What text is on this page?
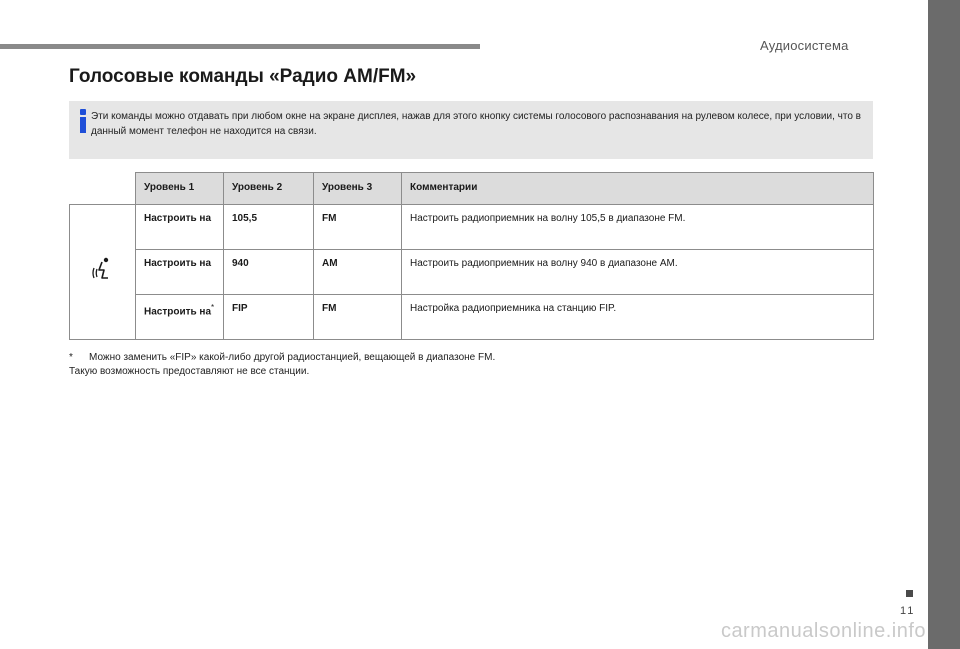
Аудиосистема
Голосовые команды «Радио AM/FM»
Эти команды можно отдавать при любом окне на экране дисплея, нажав для этого кнопку системы голосового распознавания на рулевом колесе, при условии, что в данный момент телефон не находится на связи.
	Уровень 1	Уровень 2	Уровень 3	Комментарии
	Настроить на	105,5	FM	Настроить радиоприемник на волну 105,5 в диапазоне FM.
	Настроить на	940	AM	Настроить радиоприемник на волну 940 в диапазоне AM.
	Настроить на*	FIP	FM	Настройка радиоприемника на станцию FIP.
* Можно заменить «FIP» какой-либо другой радиостанцией, вещающей в диапазоне FM.
Такую возможность предоставляют не все станции.
11
carmanualsonline.info
